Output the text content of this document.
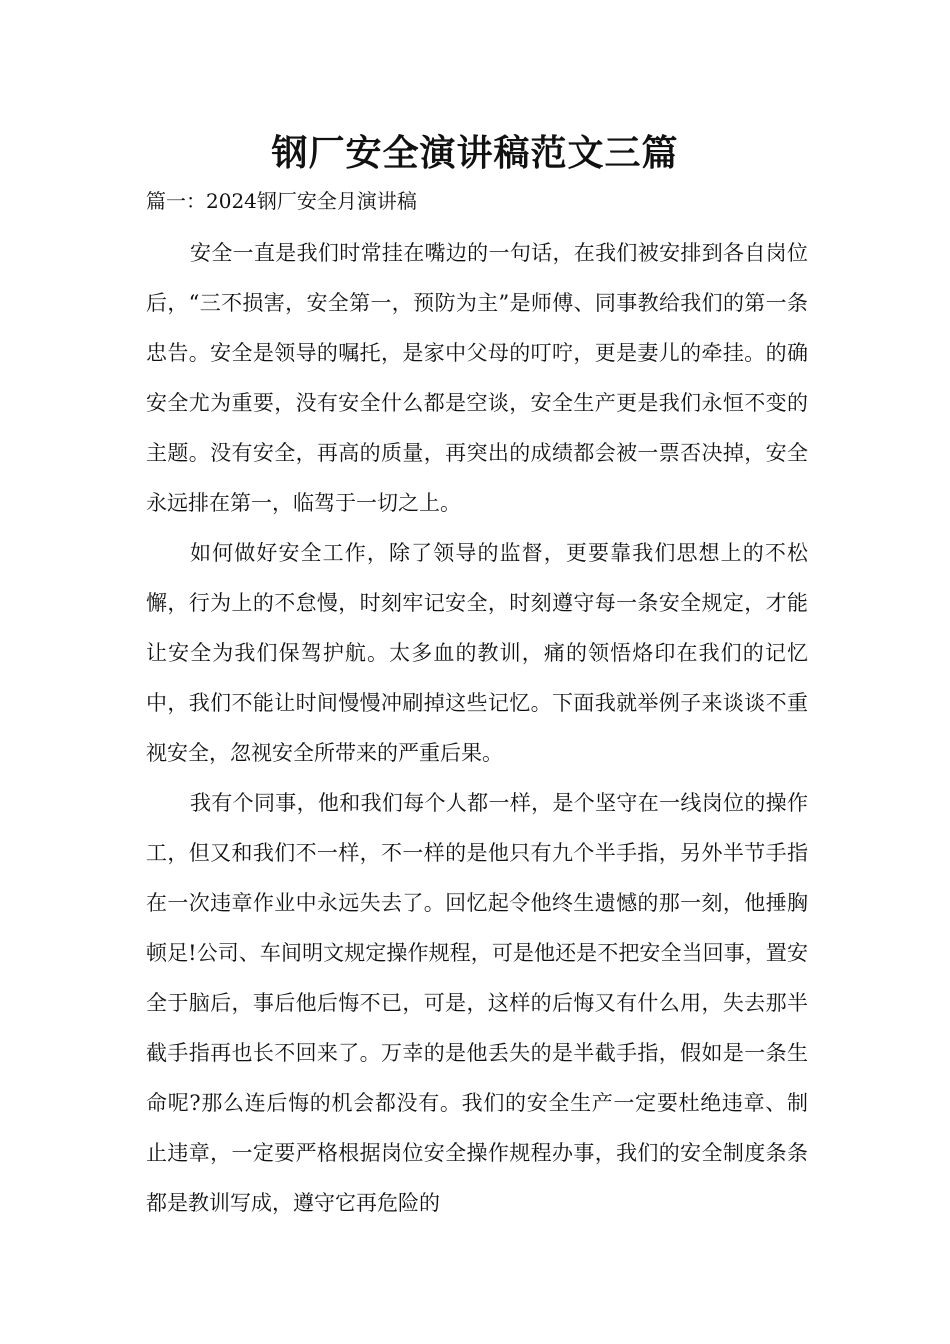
钢厂安全演讲稿范文三篇
篇一：2024钢厂安全月演讲稿

安全一直是我们时常挂在嘴边的一句话，在我们被安排到各自岗位后，“三不损害，安全第一，预防为主”是师傅、同事教给我们的第一条忠告。安全是领导的嘱托，是家中父母的叮咛，更是妻儿的牵挂。的确安全尤为重要，没有安全什么都是空谈，安全生产更是我们永恒不变的主题。没有安全，再高的质量，再突出的成绩都会被一票否决掉，安全永远排在第一，临驾于一切之上。

如何做好安全工作，除了领导的监督，更要靠我们思想上的不松懈，行为上的不怠慢，时刻牢记安全，时刻遵守每一条安全规定，才能让安全为我们保驾护航。太多血的教训，痛的领悟烙印在我们的记忆中，我们不能让时间慢慢冲刷掉这些记忆。下面我就举例子来谈谈不重视安全，忽视安全所带来的严重后果。

我有个同事，他和我们每个人都一样，是个坚守在一线岗位的操作工，但又和我们不一样，不一样的是他只有九个半手指，另外半节手指在一次违章作业中永远失去了。回忆起令他终生遗憾的那一刻，他捶胸顿足!公司、车间明文规定操作规程，可是他还是不把安全当回事，置安全于脑后，事后他后悔不已，可是，这样的后悔又有什么用，失去那半截手指再也长不回来了。万幸的是他丢失的是半截手指，假如是一条生命呢?那么连后悔的机会都没有。我们的安全生产一定要杜绝违章、制止违章，一定要严格根据岗位安全操作规程办事，我们的安全制度条条都是教训写成，遵守它再危险的
